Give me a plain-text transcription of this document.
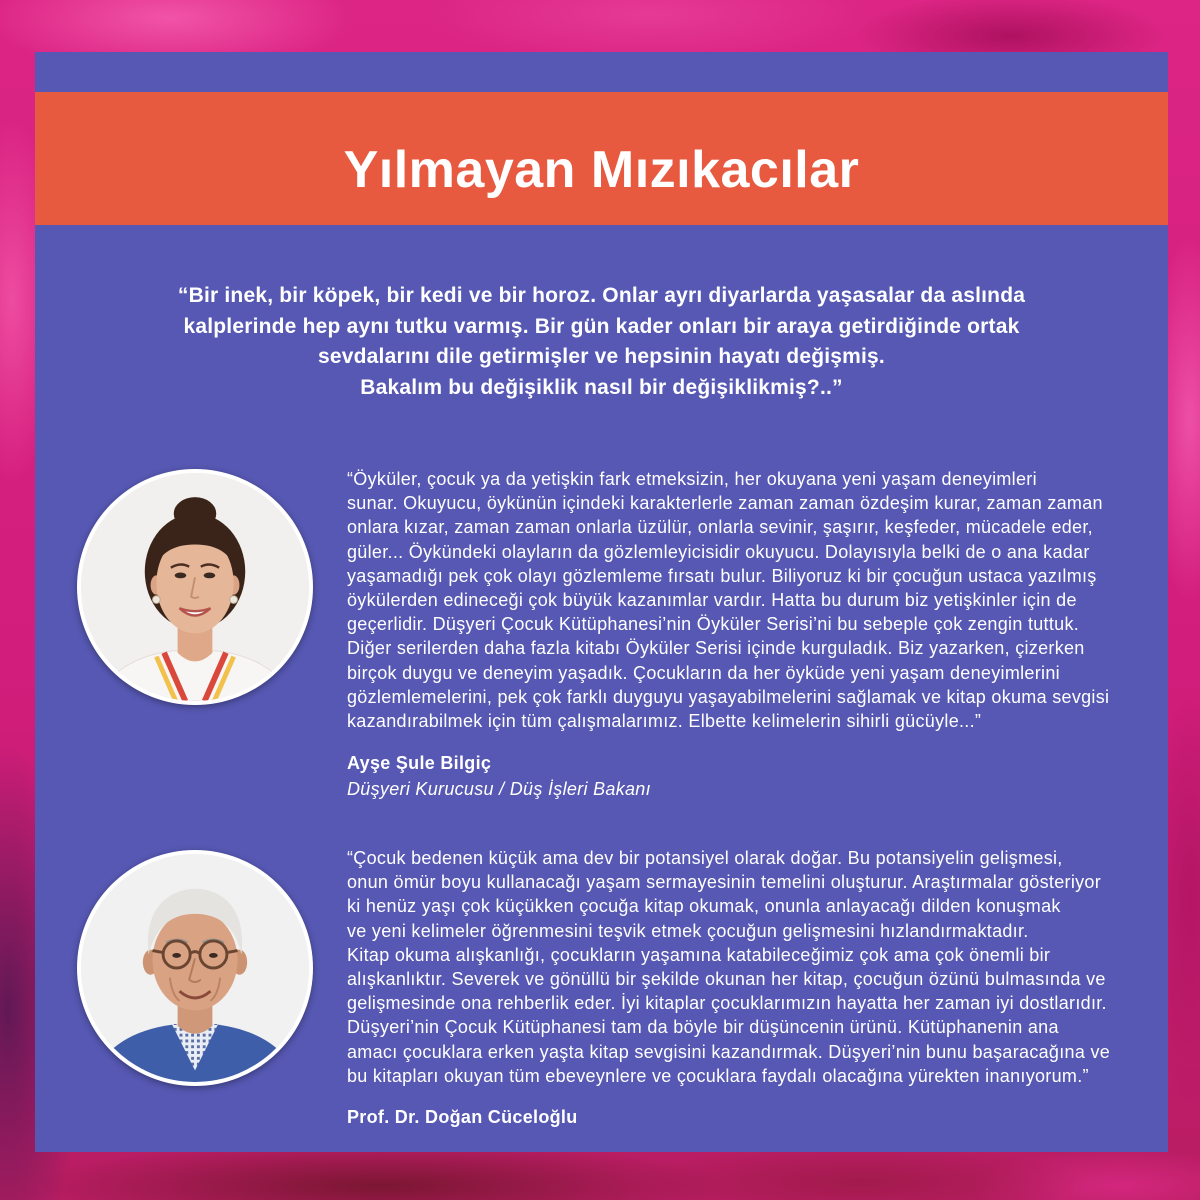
Yılmayan Mızıkacılar
“Bir inek, bir köpek, bir kedi ve bir horoz. Onlar ayrı diyarlarda yaşasalar da aslında
kalplerinde hep aynı tutku varmış. Bir gün kader onları bir araya getirdiğinde ortak
sevdalarını dile getirmişler ve hepsinin hayatı değişmiş.
Bakalım bu değişiklik nasıl bir değişiklikmiş?..”
“Öyküler, çocuk ya da yetişkin fark etmeksizin, her okuyana yeni yaşam deneyimleri
sunar. Okuyucu, öykünün içindeki karakterlerle zaman zaman özdeşim kurar, zaman zaman
onlara kızar, zaman zaman onlarla üzülür, onlarla sevinir, şaşırır, keşfeder, mücadele eder,
güler... Öykündeki olayların da gözlemleyicisidir okuyucu. Dolayısıyla belki de o ana kadar
yaşamadığı pek çok olayı gözlemleme fırsatı bulur. Biliyoruz ki bir çocuğun ustaca yazılmış
öykülerden edineceği çok büyük kazanımlar vardır. Hatta bu durum biz yetişkinler için de
geçerlidir. Düşyeri Çocuk Kütüphanesi’nin Öyküler Serisi’ni bu sebeple çok zengin tuttuk.
Diğer serilerden daha fazla kitabı Öyküler Serisi içinde kurguladık. Biz yazarken, çizerken
birçok duygu ve deneyim yaşadık. Çocukların da her öyküde yeni yaşam deneyimlerini
gözlemlemelerini, pek çok farklı duyguyu yaşayabilmelerini sağlamak ve kitap okuma sevgisi
kazandırabilmek için tüm çalışmalarımız. Elbette kelimelerin sihirli gücüyle...”
Ayşe Şule Bilgiç
Düşyeri Kurucusu / Düş İşleri Bakanı
“Çocuk bedenen küçük ama dev bir potansiyel olarak doğar. Bu potansiyelin gelişmesi,
onun ömür boyu kullanacağı yaşam sermayesinin temelini oluşturur. Araştırmalar gösteriyor
ki henüz yaşı çok küçükken çocuğa kitap okumak, onunla anlayacağı dilden konuşmak
ve yeni kelimeler öğrenmesini teşvik etmek çocuğun gelişmesini hızlandırmaktadır.
Kitap okuma alışkanlığı, çocukların yaşamına katabileceğimiz çok ama çok önemli bir
alışkanlıktır. Severek ve gönüllü bir şekilde okunan her kitap, çocuğun özünü bulmasında ve
gelişmesinde ona rehberlik eder. İyi kitaplar çocuklarımızın hayatta her zaman iyi dostlarıdır.
Düşyeri’nin Çocuk Kütüphanesi tam da böyle bir düşüncenin ürünü. Kütüphanenin ana
amacı çocuklara erken yaşta kitap sevgisini kazandırmak. Düşyeri’nin bunu başaracağına ve
bu kitapları okuyan tüm ebeveynlere ve çocuklara faydalı olacağına yürekten inanıyorum.”
Prof. Dr. Doğan Cüceloğlu
